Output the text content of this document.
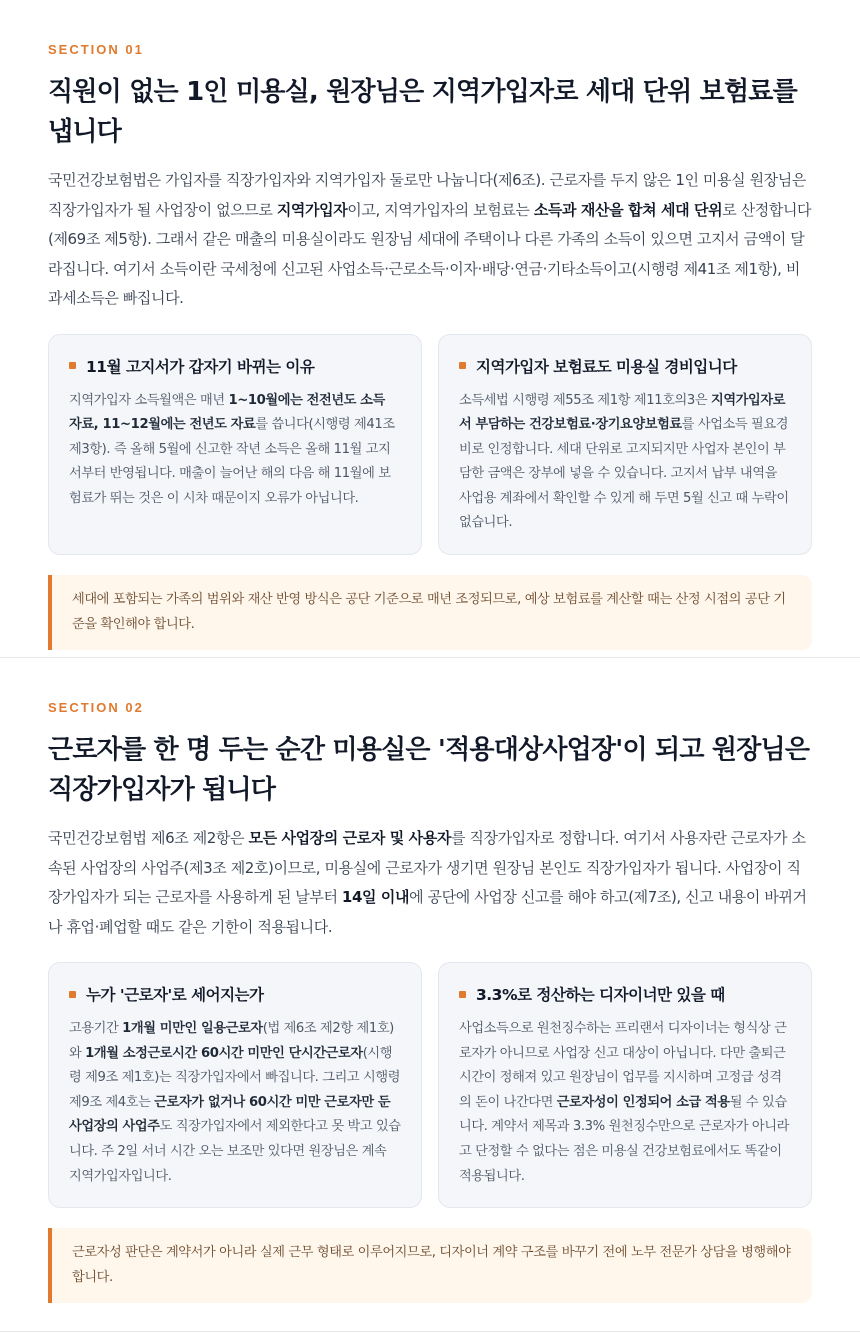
SECTION 01
직원이 없는 1인 미용실, 원장님은 지역가입자로 세대 단위 보험료를 냅니다

국민건강보험법은 가입자를 직장가입자와 지역가입자 둘로만 나눕니다(제6조). 근로자를 두지 않은 1인 미용실 원장님은 직장가입자가 될 사업장이 없으므로 지역가입자이고, 지역가입자의 보험료는 소득과 재산을 합쳐 세대 단위로 산정합니다(제69조 제5항). 그래서 같은 매출의 미용실이라도 원장님 세대에 주택이나 다른 가족의 소득이 있으면 고지서 금액이 달라집니다. 여기서 소득이란 국세청에 신고된 사업소득·근로소득·이자·배당·연금·기타소득이고(시행령 제41조 제1항), 비과세소득은 빠집니다.

11월 고지서가 갑자기 바뀌는 이유

지역가입자 소득월액은 매년 1~10월에는 전전년도 소득 자료, 11~12월에는 전년도 자료를 씁니다(시행령 제41조 제3항). 즉 올해 5월에 신고한 작년 소득은 올해 11월 고지서부터 반영됩니다. 매출이 늘어난 해의 다음 해 11월에 보험료가 뛰는 것은 이 시차 때문이지 오류가 아닙니다.

지역가입자 보험료도 미용실 경비입니다

소득세법 시행령 제55조 제1항 제11호의3은 지역가입자로서 부담하는 건강보험료·장기요양보험료를 사업소득 필요경비로 인정합니다. 세대 단위로 고지되지만 사업자 본인이 부담한 금액은 장부에 넣을 수 있습니다. 고지서 납부 내역을 사업용 계좌에서 확인할 수 있게 해 두면 5월 신고 때 누락이 없습니다.

세대에 포함되는 가족의 범위와 재산 반영 방식은 공단 기준으로 매년 조정되므로, 예상 보험료를 계산할 때는 산정 시점의 공단 기준을 확인해야 합니다.
SECTION 02
근로자를 한 명 두는 순간 미용실은 '적용대상사업장'이 되고 원장님은 직장가입자가 됩니다

국민건강보험법 제6조 제2항은 모든 사업장의 근로자 및 사용자를 직장가입자로 정합니다. 여기서 사용자란 근로자가 소속된 사업장의 사업주(제3조 제2호)이므로, 미용실에 근로자가 생기면 원장님 본인도 직장가입자가 됩니다. 사업장이 직장가입자가 되는 근로자를 사용하게 된 날부터 14일 이내에 공단에 사업장 신고를 해야 하고(제7조), 신고 내용이 바뀌거나 휴업·폐업할 때도 같은 기한이 적용됩니다.

누가 '근로자'로 세어지는가

고용기간 1개월 미만인 일용근로자(법 제6조 제2항 제1호)와 1개월 소정근로시간 60시간 미만인 단시간근로자(시행령 제9조 제1호)는 직장가입자에서 빠집니다. 그리고 시행령 제9조 제4호는 근로자가 없거나 60시간 미만 근로자만 둔 사업장의 사업주도 직장가입자에서 제외한다고 못 박고 있습니다. 주 2일 서너 시간 오는 보조만 있다면 원장님은 계속 지역가입자입니다.

3.3%로 정산하는 디자이너만 있을 때

사업소득으로 원천징수하는 프리랜서 디자이너는 형식상 근로자가 아니므로 사업장 신고 대상이 아닙니다. 다만 출퇴근 시간이 정해져 있고 원장님이 업무를 지시하며 고정급 성격의 돈이 나간다면 근로자성이 인정되어 소급 적용될 수 있습니다. 계약서 제목과 3.3% 원천징수만으로 근로자가 아니라고 단정할 수 없다는 점은 미용실 건강보험료에서도 똑같이 적용됩니다.

근로자성 판단은 계약서가 아니라 실제 근무 형태로 이루어지므로, 디자이너 계약 구조를 바꾸기 전에 노무 전문가 상담을 병행해야 합니다.
